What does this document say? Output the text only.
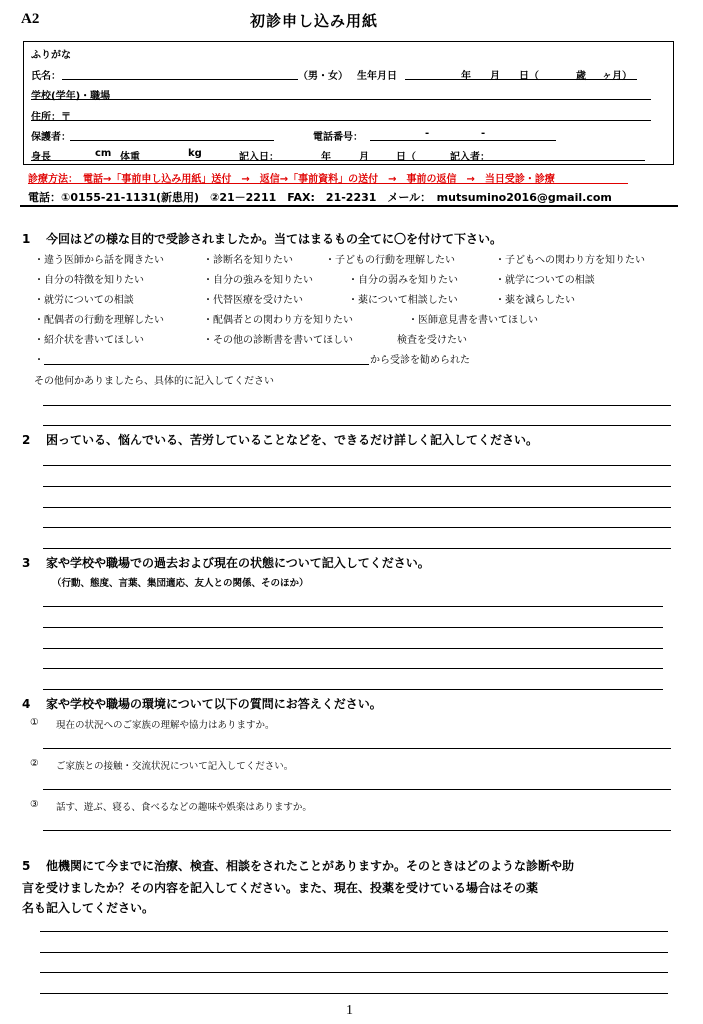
A2	初診申し込み用紙
ふりがな
氏名：	（男・女） 生年月日	年 月 日（	歳 ヶ月）
学校(学年)・職場
住所：〒
保護者：	電話番号：	-	-
身長	cm 体重	kg	記入日：	年	月	日（	記入者：
診療方法：　電話→「事前申し込み用紙」送付　→　返信→「事前資料」の送付　→　事前の返信　→　当日受診・診療
電話：①0155-21-1131(新患用)　②21－2211　FAX:　21-2231　メール：　mutsumino2016@gmail.com
1 今回はどの様な目的で受診されましたか。当てはまるもの全てに〇を付けて下さい。
・違う医師から話を聞きたい	・診断名を知りたい	・子どもの行動を理解したい	・子どもへの関わり方を知りたい
・自分の特徴を知りたい	・自分の強みを知りたい	・自分の弱みを知りたい	・就学についての相談
・就労についての相談	・代替医療を受けたい	・薬について相談したい	・薬を減らしたい
・配偶者の行動を理解したい	・配偶者との関わり方を知りたい	・医師意見書を書いてほしい
・紹介状を書いてほしい	・その他の診断書を書いてほしい	検査を受けたい
・	から受診を勧められた
その他何かありましたら、具体的に記入してください
2 困っている、悩んでいる、苦労していることなどを、できるだけ詳しく記入してください。
3 家や学校や職場での過去および現在の状態について記入してください。
（行動、態度、言葉、集団適応、友人との関係、そのほか）
4 家や学校や職場の環境について以下の質問にお答えください。
① 現在の状況へのご家族の理解や協力はありますか。
② ご家族との接触・交流状況について記入してください。
③ 話す、遊ぶ、寝る、食べるなどの趣味や娯楽はありますか。
5 他機関にて今までに治療、検査、相談をされたことがありますか。そのときはどのような診断や助
言を受けましたか？その内容を記入してください。また、現在、投薬を受けている場合はその薬
名も記入してください。
1
